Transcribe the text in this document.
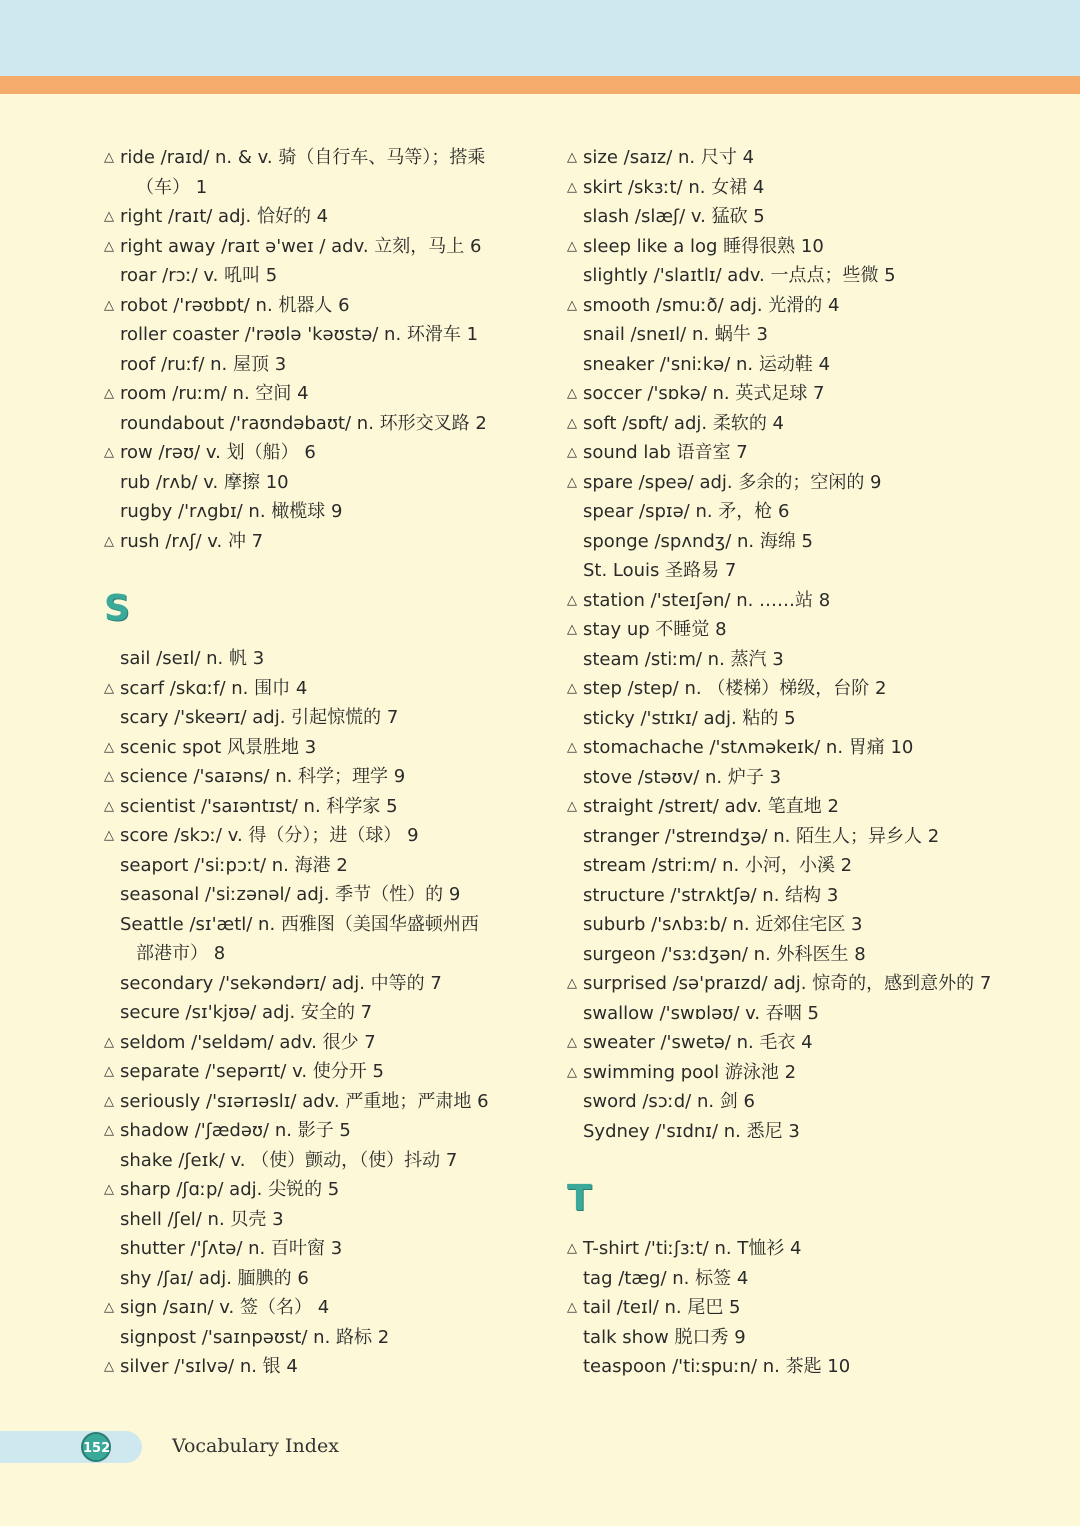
△ ride /raɪd/ n. & v. 骑（自行车、马等）；搭乘
（车） 1
△ right /raɪt/ adj. 恰好的 4
△ right away /raɪt ə'weɪ / adv. 立刻，马上 6
roar /rɔː/ v. 吼叫 5
△ robot /'rəʊbɒt/ n. 机器人 6
roller coaster /'rəʊlə 'kəʊstə/ n. 环滑车 1
roof /ruːf/ n. 屋顶 3
△ room /ruːm/ n. 空间 4
roundabout /'raʊndəbaʊt/ n. 环形交叉路 2
△ row /rəʊ/ v. 划（船） 6
rub /rʌb/ v. 摩擦 10
rugby /'rʌgbɪ/ n. 橄榄球 9
△ rush /rʌʃ/ v. 冲 7
S
sail /seɪl/ n. 帆 3
△ scarf /skɑːf/ n. 围巾 4
scary /'skeərɪ/ adj. 引起惊慌的 7
△ scenic spot 风景胜地 3
△ science /'saɪəns/ n. 科学；理学 9
△ scientist /'saɪəntɪst/ n. 科学家 5
△ score /skɔː/ v. 得（分）；进（球） 9
seaport /'siːpɔːt/ n. 海港 2
seasonal /'siːzənəl/ adj. 季节（性）的 9
Seattle /sɪ'ætl/ n. 西雅图（美国华盛顿州西
部港市） 8
secondary /'sekəndərɪ/ adj. 中等的 7
secure /sɪ'kjʊə/ adj. 安全的 7
△ seldom /'seldəm/ adv. 很少 7
△ separate /'sepərɪt/ v. 使分开 5
△ seriously /'sɪərɪəslɪ/ adv. 严重地；严肃地 6
△ shadow /'ʃædəʊ/ n. 影子 5
shake /ʃeɪk/ v. （使）颤动，（使）抖动 7
△ sharp /ʃɑːp/ adj. 尖锐的 5
shell /ʃel/ n. 贝壳 3
shutter /'ʃʌtə/ n. 百叶窗 3
shy /ʃaɪ/ adj. 腼腆的 6
△ sign /saɪn/ v. 签（名） 4
signpost /'saɪnpəʊst/ n. 路标 2
△ silver /'sɪlvə/ n. 银 4
△ size /saɪz/ n. 尺寸 4
△ skirt /skɜːt/ n. 女裙 4
slash /slæʃ/ v. 猛砍 5
△ sleep like a log 睡得很熟 10
slightly /'slaɪtlɪ/ adv. 一点点；些微 5
△ smooth /smuːð/ adj. 光滑的 4
snail /sneɪl/ n. 蜗牛 3
sneaker /'sniːkə/ n. 运动鞋 4
△ soccer /'sɒkə/ n. 英式足球 7
△ soft /sɒft/ adj. 柔软的 4
△ sound lab 语音室 7
△ spare /speə/ adj. 多余的；空闲的 9
spear /spɪə/ n. 矛，枪 6
sponge /spʌndʒ/ n. 海绵 5
St. Louis 圣路易 7
△ station /'steɪʃən/ n. ……站 8
△ stay up 不睡觉 8
steam /stiːm/ n. 蒸汽 3
△ step /step/ n. （楼梯）梯级，台阶 2
sticky /'stɪkɪ/ adj. 粘的 5
△ stomachache /'stʌməkeɪk/ n. 胃痛 10
stove /stəʊv/ n. 炉子 3
△ straight /streɪt/ adv. 笔直地 2
stranger /'streɪndʒə/ n. 陌生人；异乡人 2
stream /striːm/ n. 小河，小溪 2
structure /'strʌktʃə/ n. 结构 3
suburb /'sʌbɜːb/ n. 近郊住宅区 3
surgeon /'sɜːdʒən/ n. 外科医生 8
△ surprised /sə'praɪzd/ adj. 惊奇的，感到意外的 7
swallow /'swɒləʊ/ v. 吞咽 5
△ sweater /'swetə/ n. 毛衣 4
△ swimming pool 游泳池 2
sword /sɔːd/ n. 剑 6
Sydney /'sɪdnɪ/ n. 悉尼 3
T
△ T-shirt /'tiːʃɜːt/ n. T恤衫 4
tag /tæg/ n. 标签 4
△ tail /teɪl/ n. 尾巴 5
talk show 脱口秀 9
teaspoon /'tiːspuːn/ n. 茶匙 10
152	Vocabulary Index
